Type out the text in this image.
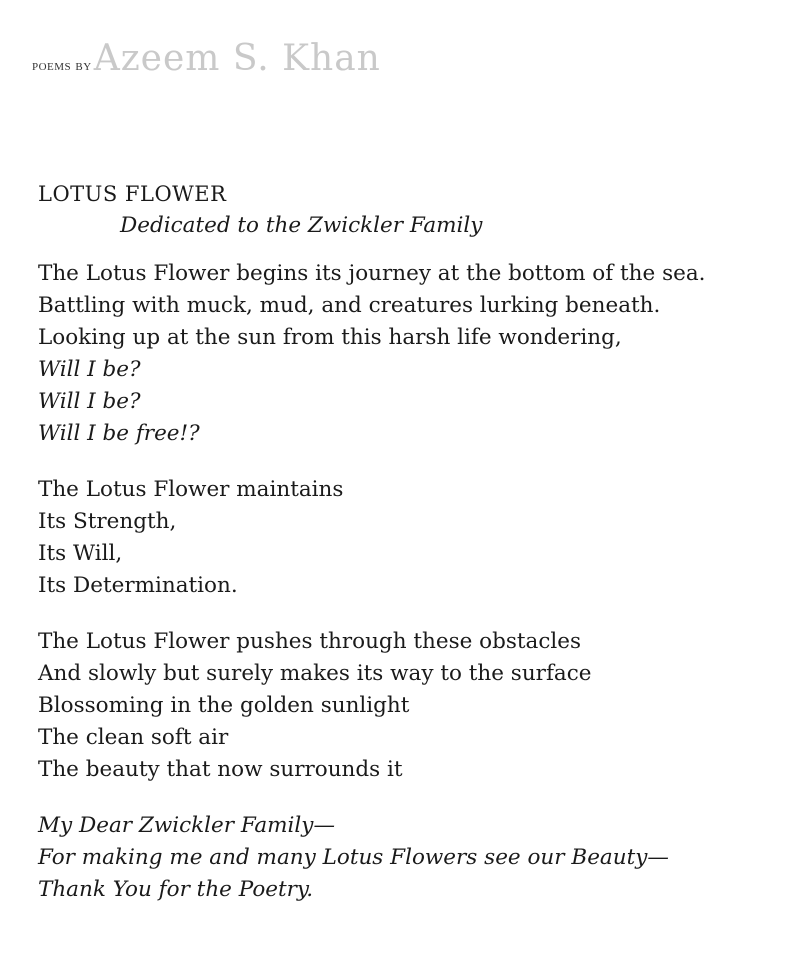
poems byAzeem S. Khan
LOTUS FLOWER
Dedicated to the Zwickler Family
The Lotus Flower begins its journey at the bottom of the sea.
Battling with muck, mud, and creatures lurking beneath.
Looking up at the sun from this harsh life wondering,
Will I be?
Will I be?
Will I be free!?
The Lotus Flower maintains
Its Strength,
Its Will,
Its Determination.
The Lotus Flower pushes through these obstacles
And slowly but surely makes its way to the surface
Blossoming in the golden sunlight
The clean soft air
The beauty that now surrounds it
My Dear Zwickler Family—
For making me and many Lotus Flowers see our Beauty—
Thank You for the Poetry.
